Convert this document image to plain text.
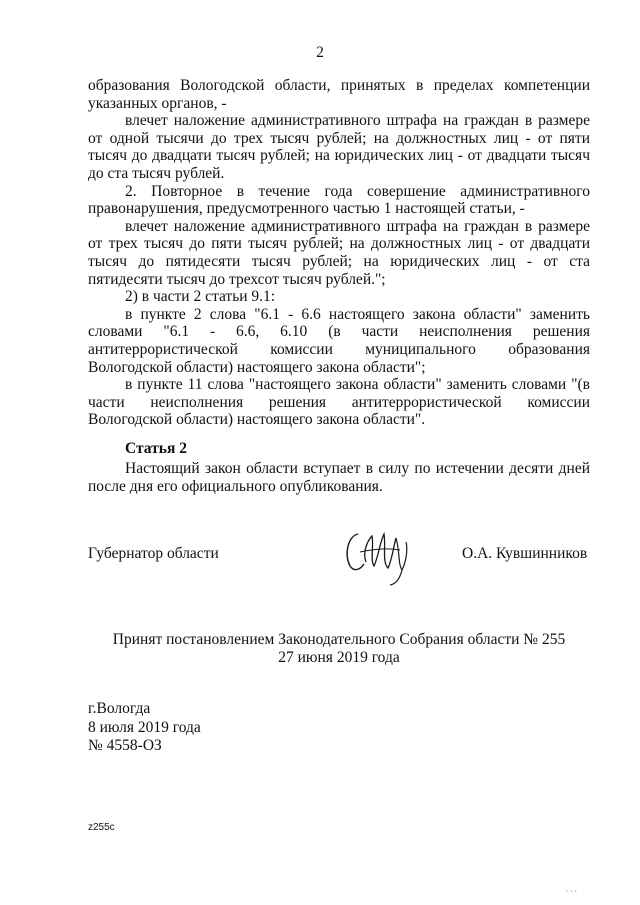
2

образования Вологодской области, принятых в пределах компетенции указанных органов, -

влечет наложение административного штрафа на граждан в размере от одной тысячи до трех тысяч рублей; на должностных лиц - от пяти тысяч до двадцати тысяч рублей; на юридических лиц - от двадцати тысяч до ста тысяч рублей.

2. Повторное в течение года совершение административного правонарушения, предусмотренного частью 1 настоящей статьи, -

влечет наложение административного штрафа на граждан в размере от трех тысяч до пяти тысяч рублей; на должностных лиц - от двадцати тысяч до пятидесяти тысяч рублей; на юридических лиц - от ста пятидесяти тысяч до трехсот тысяч рублей.";

2) в части 2 статьи 9.1:

в пункте 2 слова "6.1 - 6.6 настоящего закона области" заменить словами "6.1 - 6.6, 6.10 (в части неисполнения решения антитеррористической комиссии муниципального образования Вологодской области) настоящего закона области";

в пункте 11 слова "настоящего закона области" заменить словами "(в части неисполнения решения антитеррористической комиссии Вологодской области) настоящего закона области".

Статья 2
Настоящий закон области вступает в силу по истечении десяти дней после дня его официального опубликования.
Губернатор области	О.А. Кувшинников
Принят постановлением Законодательного Собрания области № 255
27 июня 2019 года
г.Вологда
8 июля 2019 года
№ 4558-ОЗ
z255c
⸱ ⸱ ⸱
